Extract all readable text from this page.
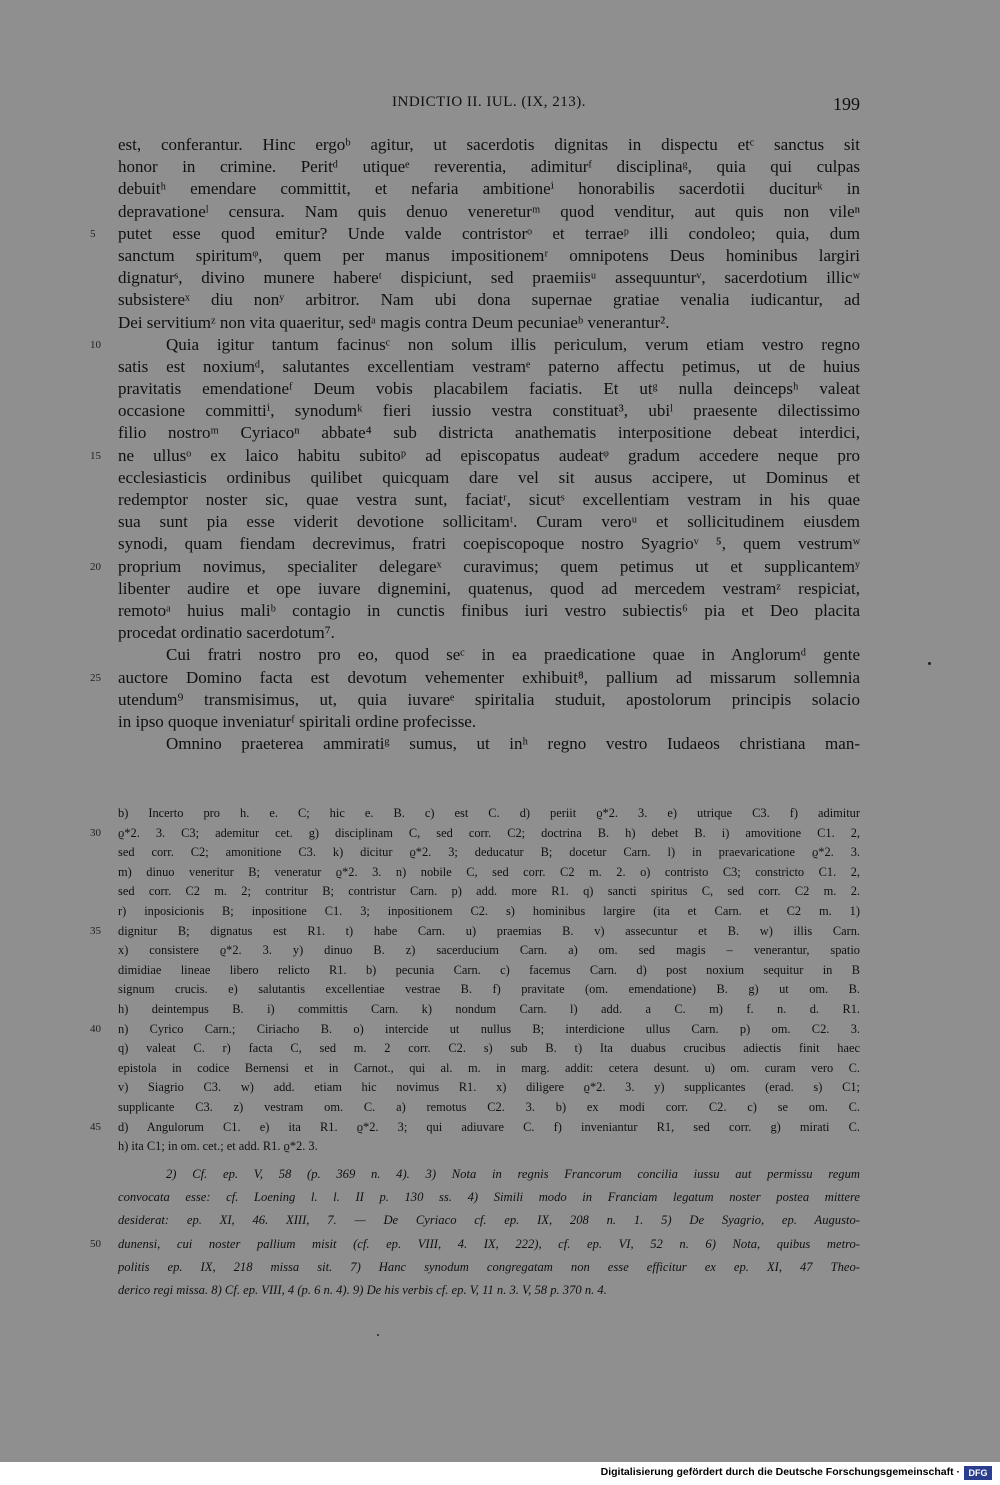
INDICTIO II. IUL. (IX, 213).	199
est, conferantur. Hinc ergoᵇ agitur, ut sacerdotis dignitas in dispectu etᶜ sanctus sit
honor in crimine. Peritᵈ utiqueᵉ reverentia, adimiturᶠ disciplinaᵍ, quia qui culpas
debuitʰ emendare committit, et nefaria ambitioneⁱ honorabilis sacerdotii duciturᵏ in
depravationeˡ censura. Nam quis denuo venereturᵐ quod venditur, aut quis non vileⁿ
5 putet esse quod emitur? Unde valde contristorᵒ et terraeᵖ illi condoleo; quia, dum
sanctum spiritumᵠ, quem per manus impositionemʳ omnipotens Deus hominibus largiri
dignaturˢ, divino munere habereᵗ dispiciunt, sed praemiisᵘ assequunturᵛ, sacerdotium illicʷ
subsistereˣ diu nonʸ arbitror. Nam ubi dona supernae gratiae venalia iudicantur, ad
Dei servitiumᶻ non vita quaeritur, sedᵃ magis contra Deum pecuniaeᵇ venerantur².
10	Quia igitur tantum facinusᶜ non solum illis periculum, verum etiam vestro regno
satis est noxiumᵈ, salutantes excellentiam vestramᵉ paterno affectu petimus, ut de huius
pravitatis emendationeᶠ Deum vobis placabilem faciatis. Et utᵍ nulla deincepsʰ valeat
occasione committiⁱ, synodumᵏ fieri iussio vestra constituat³, ubiˡ praesente dilectissimo
filio nostroᵐ Cyriacoⁿ abbate⁴ sub districta anathematis interpositione debeat interdici,
15 ne ullusᵒ ex laico habitu subitoᵖ ad episcopatus audeatᵠ gradum accedere neque pro
ecclesiasticis ordinibus quilibet quicquam dare vel sit ausus accipere, ut Dominus et
redemptor noster sic, quae vestra sunt, faciatʳ, sicutˢ excellentiam vestram in his quae
sua sunt pia esse viderit devotione sollicitamᵗ. Curam veroᵘ et sollicitudinem eiusdem
synodi, quam fiendam decrevimus, fratri coepiscopoque nostro Syagrioᵛ ⁵, quem vestrumʷ
20 proprium novimus, specialiter delegareˣ curavimus; quem petimus ut et supplicantemʸ
libenter audire et ope iuvare dignemini, quatenus, quod ad mercedem vestramᶻ respiciat,
remotoᵃ huius maliᵇ contagio in cunctis finibus iuri vestro subiectis⁶ pia et Deo placita
procedat ordinatio sacerdotum⁷.
Cui fratri nostro pro eo, quod seᶜ in ea praedicatione quae in Anglorumᵈ gente
25 auctore Domino facta est devotum vehementer exhibuit⁸, pallium ad missarum sollemnia
utendum⁹ transmisimus, ut, quia iuvareᵉ spiritalia studuit, apostolorum principis solacio
in ipso quoque inveniaturᶠ spiritali ordine profecisse.
Omnino praeterea ammiratiᵍ sumus, ut inʰ regno vestro Iudaeos christiana man-
b) Incerto pro h. e. C; hic e. B. c) est C. d) periit ϱ*2. 3. e) utrique C3. f) adimitur
30 ϱ*2. 3. C3; ademitur cet. g) disciplinam C, sed corr. C2; doctrina B. h) debet B. i) amovitione C1. 2,
sed corr. C2; amonitione C3. k) dicitur ϱ*2. 3; deducatur B; docetur Carn. l) in praevaricatione ϱ*2. 3.
m) dinuo veneritur B; veneratur ϱ*2. 3. n) nobile C, sed corr. C2 m. 2. o) contristo C3; constricto C1. 2,
sed corr. C2 m. 2; contritur B; contristur Carn. p) add. more R1. q) sancti spiritus C, sed corr. C2 m. 2.
r) inposicionis B; inpositione C1. 3; inpositionem C2. s) hominibus largire (ita et Carn. et C2 m. 1)
35 dignitur B; dignatus est R1. t) habe Carn. u) praemias B. v) assecuntur et B. w) illis Carn.
x) consistere ϱ*2. 3. y) dinuo B. z) sacerducium Carn. a) om. sed magis – venerantur, spatio
dimidiae lineae libero relicto R1. b) pecunia Carn. c) facemus Carn. d) post noxium sequitur in B
signum crucis. e) salutantis excellentiae vestrae B. f) pravitate (om. emendatione) B. g) ut om. B.
h) deintempus B. i) committis Carn. k) nondum Carn. l) add. a C. m) f. n. d. R1.
40 n) Cyrico Carn.; Ciriacho B. o) intercide ut nullus B; interdicione ullus Carn. p) om. C2. 3.
q) valeat C. r) facta C, sed m. 2 corr. C2. s) sub B. t) Ita duabus crucibus adiectis finit haec
epistola in codice Bernensi et in Carnot., qui al. m. in marg. addit: cetera desunt. u) om. curam vero C.
v) Siagrio C3. w) add. etiam hic novimus R1. x) diligere ϱ*2. 3. y) supplicantes (erad. s) C1;
supplicante C3. z) vestram om. C. a) remotus C2. 3. b) ex modi corr. C2. c) se om. C.
45 d) Angulorum C1. e) ita R1. ϱ*2. 3; qui adiuvare C. f) inveniantur R1, sed corr. g) mirati C.
h) ita C1; in om. cet.; et add. R1. ϱ*2. 3.
2) Cf. ep. V, 58 (p. 369 n. 4). 3) Nota in regnis Francorum concilia iussu aut permissu regum
convocata esse: cf. Loening l. l. II p. 130 ss. 4) Simili modo in Franciam legatum noster postea mittere
desiderat: ep. XI, 46. XIII, 7. — De Cyriaco cf. ep. IX, 208 n. 1. 5) De Syagrio, ep. Augusto-
50 dunensi, cui noster pallium misit (cf. ep. VIII, 4. IX, 222), cf. ep. VI, 52 n. 6) Nota, quibus metro-
politis ep. IX, 218 missa sit. 7) Hanc synodum congregatam non esse efficitur ex ep. XI, 47 Theo-
derico regi missa. 8) Cf. ep. VIII, 4 (p. 6 n. 4). 9) De his verbis cf. ep. V, 11 n. 3. V, 58 p. 370 n. 4.
Digitalisierung gefördert durch die Deutsche Forschungsgemeinschaft · DFG
